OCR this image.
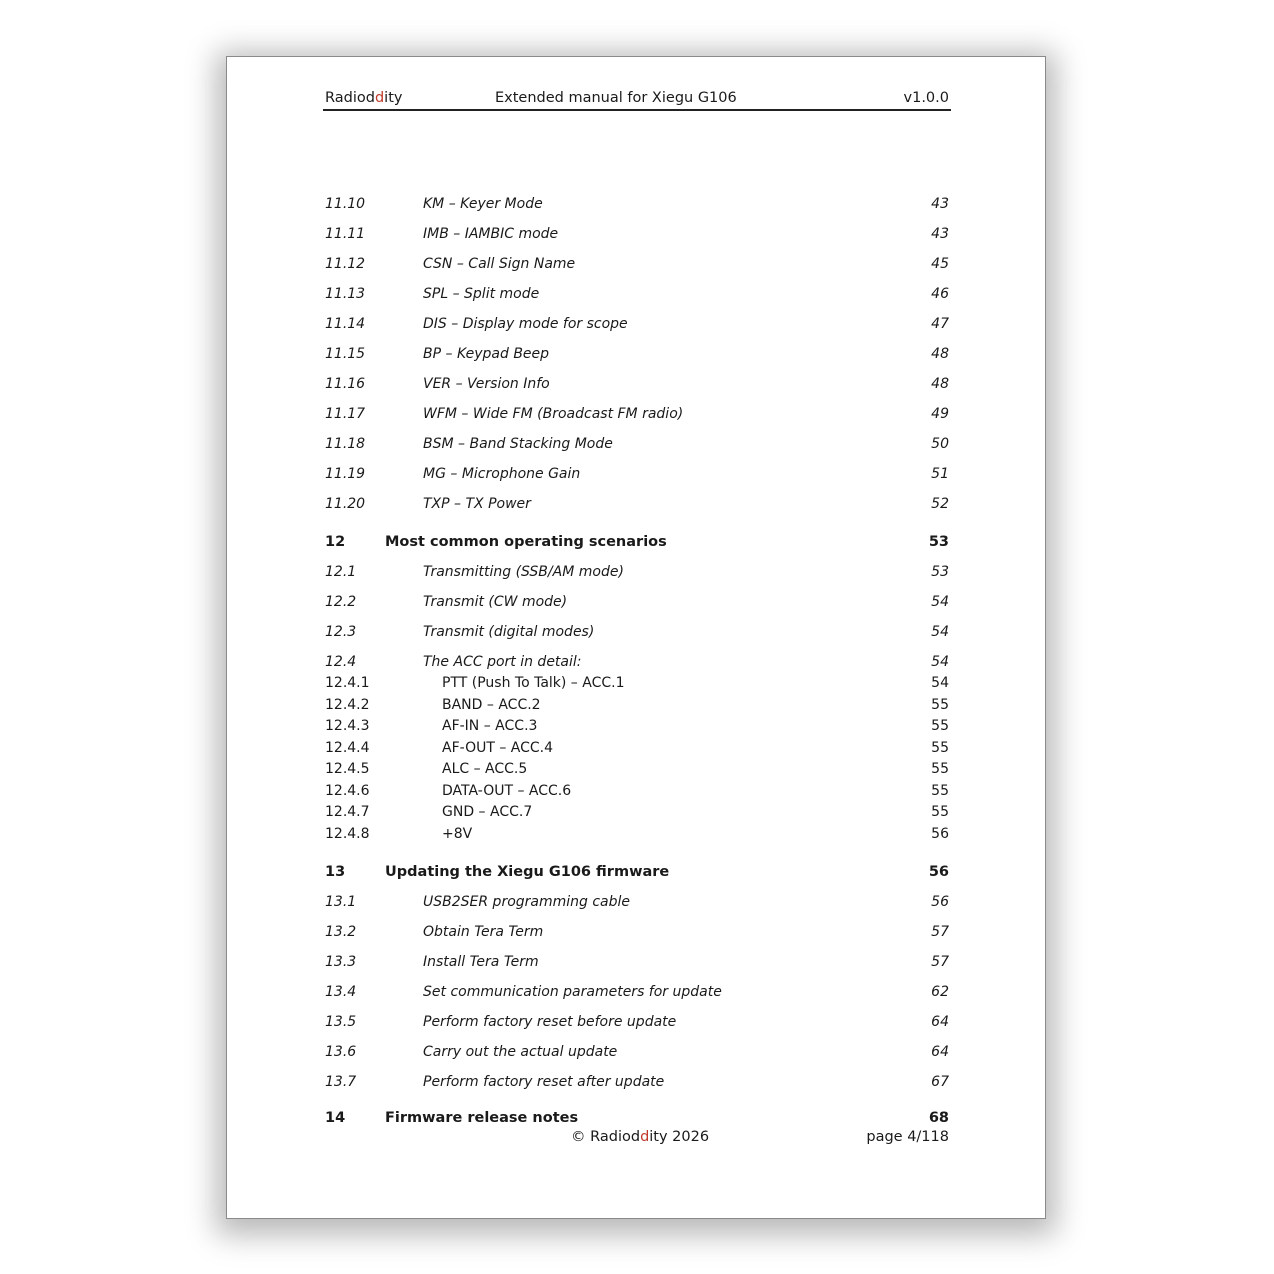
Radioddity	Extended manual for Xiegu G106	v1.0.0
11.10	KM – Keyer Mode	43
11.11	IMB – IAMBIC mode	43
11.12	CSN – Call Sign Name	45
11.13	SPL – Split mode	46
11.14	DIS – Display mode for scope	47
11.15	BP – Keypad Beep	48
11.16	VER – Version Info	48
11.17	WFM – Wide FM (Broadcast FM radio)	49
11.18	BSM – Band Stacking Mode	50
11.19	MG – Microphone Gain	51
11.20	TXP – TX Power	52
12	Most common operating scenarios	53
12.1	Transmitting (SSB/AM mode)	53
12.2	Transmit (CW mode)	54
12.3	Transmit (digital modes)	54
12.4	The ACC port in detail:	54
12.4.1	PTT (Push To Talk) – ACC.1	54
12.4.2	BAND – ACC.2	55
12.4.3	AF-IN – ACC.3	55
12.4.4	AF-OUT – ACC.4	55
12.4.5	ALC – ACC.5	55
12.4.6	DATA-OUT – ACC.6	55
12.4.7	GND – ACC.7	55
12.4.8	+8V	56
13	Updating the Xiegu G106 firmware	56
13.1	USB2SER programming cable	56
13.2	Obtain Tera Term	57
13.3	Install Tera Term	57
13.4	Set communication parameters for update	62
13.5	Perform factory reset before update	64
13.6	Carry out the actual update	64
13.7	Perform factory reset after update	67
14	Firmware release notes	68
© Radioddity 2026	page 4/118
